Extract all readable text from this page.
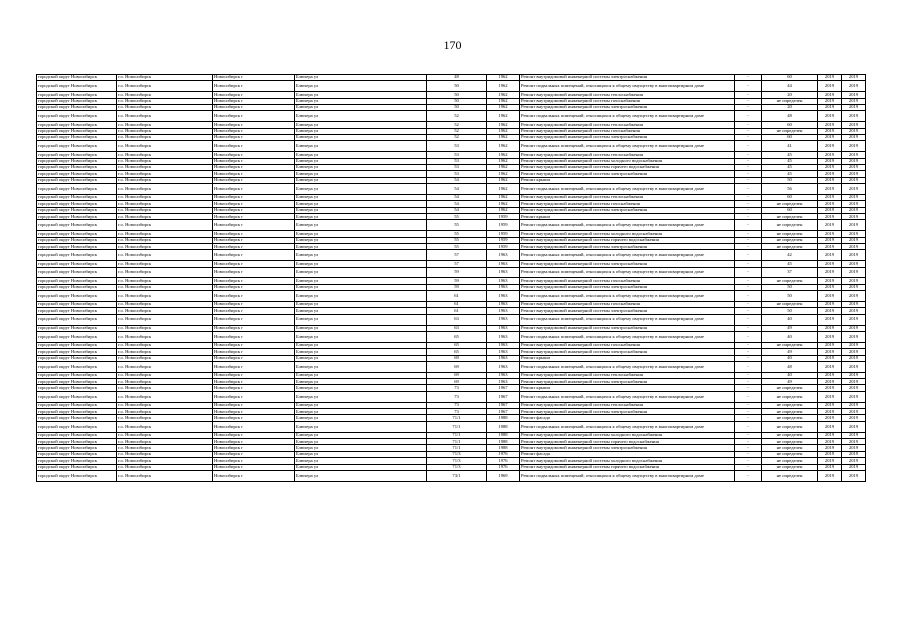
170
городской округ Новосибирск	г.о. Новосибирск	Новосибирск г	Блюхера ул	48	1962	Ремонт внутридомовой инженерной системы электроснабжения	-	60	2019	2019
городской округ Новосибирск	г.о. Новосибирск	Новосибирск г	Блюхера ул	50	1962	Ремонт подвальных помещений, относящихся к общему имуществу в многоквартирном доме	-	44	2019	2019
городской округ Новосибирск	г.о. Новосибирск	Новосибирск г	Блюхера ул	50	1962	Ремонт внутридомовой инженерной системы теплоснабжения	-	20	2019	2019
городской округ Новосибирск	г.о. Новосибирск	Новосибирск г	Блюхера ул	50	1962	Ремонт внутридомовой инженерной системы газоснабжения	-	не определен	2019	2019
городской округ Новосибирск	г.о. Новосибирск	Новосибирск г	Блюхера ул	50	1962	Ремонт внутридомовой инженерной системы электроснабжения	-	20	2019	2019
городской округ Новосибирск	г.о. Новосибирск	Новосибирск г	Блюхера ул	52	1962	Ремонт подвальных помещений, относящихся к общему имуществу в многоквартирном доме	-	48	2019	2019
городской округ Новосибирск	г.о. Новосибирск	Новосибирск г	Блюхера ул	52	1962	Ремонт внутридомовой инженерной системы теплоснабжения	-	60	2019	2019
городской округ Новосибирск	г.о. Новосибирск	Новосибирск г	Блюхера ул	52	1962	Ремонт внутридомовой инженерной системы газоснабжения	-	не определен	2019	2019
городской округ Новосибирск	г.о. Новосибирск	Новосибирск г	Блюхера ул	52	1962	Ремонт внутридомовой инженерной системы электроснабжения	-	60	2019	2019
городской округ Новосибирск	г.о. Новосибирск	Новосибирск г	Блюхера ул	53	1962	Ремонт подвальных помещений, относящихся к общему имуществу в многоквартирном доме	-	41	2019	2019
городской округ Новосибирск	г.о. Новосибирск	Новосибирск г	Блюхера ул	53	1962	Ремонт внутридомовой инженерной системы теплоснабжения	-	45	2019	2019
городской округ Новосибирск	г.о. Новосибирск	Новосибирск г	Блюхера ул	53	1962	Ремонт внутридомовой инженерной системы холодного водоснабжения	-	45	2019	2019
городской округ Новосибирск	г.о. Новосибирск	Новосибирск г	Блюхера ул	53	1962	Ремонт внутридомовой инженерной системы горячего водоснабжения	-	45	2019	2019
городской округ Новосибирск	г.о. Новосибирск	Новосибирск г	Блюхера ул	53	1962	Ремонт внутридомовой инженерной системы электроснабжения	-	45	2019	2019
городской округ Новосибирск	г.о. Новосибирск	Новосибирск г	Блюхера ул	54	1962	Ремонт крыши	-	50	2019	2019
городской округ Новосибирск	г.о. Новосибирск	Новосибирск г	Блюхера ул	54	1962	Ремонт подвальных помещений, относящихся к общему имуществу в многоквартирном доме	-	56	2019	2019
городской округ Новосибирск	г.о. Новосибирск	Новосибирск г	Блюхера ул	54	1962	Ремонт внутридомовой инженерной системы теплоснабжения	-	60	2019	2019
городской округ Новосибирск	г.о. Новосибирск	Новосибирск г	Блюхера ул	54	1962	Ремонт внутридомовой инженерной системы газоснабжения	-	не определен	2019	2019
городской округ Новосибирск	г.о. Новосибирск	Новосибирск г	Блюхера ул	54	1962	Ремонт внутридомовой инженерной системы электроснабжения	-	60	2019	2019
городской округ Новосибирск	г.о. Новосибирск	Новосибирск г	Блюхера ул	55	1959	Ремонт крыши	-	не определен	2019	2019
городской округ Новосибирск	г.о. Новосибирск	Новосибирск г	Блюхера ул	55	1959	Ремонт подвальных помещений, относящихся к общему имуществу в многоквартирном доме	-	не определен	2019	2019
городской округ Новосибирск	г.о. Новосибирск	Новосибирск г	Блюхера ул	55	1959	Ремонт внутридомовой инженерной системы холодного водоснабжения	-	не определен	2019	2019
городской округ Новосибирск	г.о. Новосибирск	Новосибирск г	Блюхера ул	55	1959	Ремонт внутридомовой инженерной системы горячего водоснабжения	-	не определен	2019	2019
городской округ Новосибирск	г.о. Новосибирск	Новосибирск г	Блюхера ул	55	1959	Ремонт внутридомовой инженерной системы электроснабжения	-	не определен	2019	2019
городской округ Новосибирск	г.о. Новосибирск	Новосибирск г	Блюхера ул	57	1963	Ремонт подвальных помещений, относящихся к общему имуществу в многоквартирном доме	-	42	2019	2019
городской округ Новосибирск	г.о. Новосибирск	Новосибирск г	Блюхера ул	57	1963	Ремонт внутридомовой инженерной системы электроснабжения	-	45	2019	2019
городской округ Новосибирск	г.о. Новосибирск	Новосибирск г	Блюхера ул	59	1963	Ремонт подвальных помещений, относящихся к общему имуществу в многоквартирном доме	-	37	2019	2019
городской округ Новосибирск	г.о. Новосибирск	Новосибирск г	Блюхера ул	59	1963	Ремонт внутридомовой инженерной системы газоснабжения	-	не определен	2019	2019
городской округ Новосибирск	г.о. Новосибирск	Новосибирск г	Блюхера ул	59	1963	Ремонт внутридомовой инженерной системы электроснабжения	-	50	2019	2019
городской округ Новосибирск	г.о. Новосибирск	Новосибирск г	Блюхера ул	61	1963	Ремонт подвальных помещений, относящихся к общему имуществу в многоквартирном доме	-	50	2019	2019
городской округ Новосибирск	г.о. Новосибирск	Новосибирск г	Блюхера ул	61	1963	Ремонт внутридомовой инженерной системы газоснабжения	-	не определен	2019	2019
городской округ Новосибирск	г.о. Новосибирск	Новосибирск г	Блюхера ул	61	1963	Ремонт внутридомовой инженерной системы электроснабжения	-	50	2019	2019
городской округ Новосибирск	г.о. Новосибирск	Новосибирск г	Блюхера ул	63	1963	Ремонт подвальных помещений, относящихся к общему имуществу в многоквартирном доме	-	40	2019	2019
городской округ Новосибирск	г.о. Новосибирск	Новосибирск г	Блюхера ул	63	1963	Ремонт внутридомовой инженерной системы электроснабжения	-	49	2019	2019
городской округ Новосибирск	г.о. Новосибирск	Новосибирск г	Блюхера ул	65	1963	Ремонт подвальных помещений, относящихся к общему имуществу в многоквартирном доме	-	40	2019	2019
городской округ Новосибирск	г.о. Новосибирск	Новосибирск г	Блюхера ул	65	1963	Ремонт внутридомовой инженерной системы газоснабжения	-	не определен	2019	2019
городской округ Новосибирск	г.о. Новосибирск	Новосибирск г	Блюхера ул	65	1963	Ремонт внутридомовой инженерной системы электроснабжения	-	49	2019	2019
городской округ Новосибирск	г.о. Новосибирск	Новосибирск г	Блюхера ул	69	1963	Ремонт крыши	-	40	2019	2019
городской округ Новосибирск	г.о. Новосибирск	Новосибирск г	Блюхера ул	69	1963	Ремонт подвальных помещений, относящихся к общему имуществу в многоквартирном доме	-	48	2019	2019
городской округ Новосибирск	г.о. Новосибирск	Новосибирск г	Блюхера ул	69	1963	Ремонт внутридомовой инженерной системы теплоснабжения	-	40	2019	2019
городской округ Новосибирск	г.о. Новосибирск	Новосибирск г	Блюхера ул	69	1963	Ремонт внутридомовой инженерной системы электроснабжения	-	49	2019	2019
городской округ Новосибирск	г.о. Новосибирск	Новосибирск г	Блюхера ул	73	1967	Ремонт крыши	-	не определен	2019	2019
городской округ Новосибирск	г.о. Новосибирск	Новосибирск г	Блюхера ул	73	1967	Ремонт подвальных помещений, относящихся к общему имуществу в многоквартирном доме	-	не определен	2019	2019
городской округ Новосибирск	г.о. Новосибирск	Новосибирск г	Блюхера ул	73	1967	Ремонт внутридомовой инженерной системы теплоснабжения	-	не определен	2019	2019
городской округ Новосибирск	г.о. Новосибирск	Новосибирск г	Блюхера ул	73	1967	Ремонт внутридомовой инженерной системы электроснабжения	-	не определен	2019	2019
городской округ Новосибирск	г.о. Новосибирск	Новосибирск г	Блюхера ул	71/1	1988	Ремонт фасада	-	не определен	2019	2019
городской округ Новосибирск	г.о. Новосибирск	Новосибирск г	Блюхера ул	71/1	1988	Ремонт подвальных помещений, относящихся к общему имуществу в многоквартирном доме	-	не определен	2019	2019
городской округ Новосибирск	г.о. Новосибирск	Новосибирск г	Блюхера ул	71/1	1988	Ремонт внутридомовой инженерной системы холодного водоснабжения	-	не определен	2019	2019
городской округ Новосибирск	г.о. Новосибирск	Новосибирск г	Блюхера ул	71/1	1988	Ремонт внутридомовой инженерной системы горячего водоснабжения	-	не определен	2019	2019
городской округ Новосибирск	г.о. Новосибирск	Новосибирск г	Блюхера ул	71/1	1988	Ремонт внутридомовой инженерной системы электроснабжения	-	не определен	2019	2019
городской округ Новосибирск	г.о. Новосибирск	Новосибирск г	Блюхера ул	71/3	1976	Ремонт фасада	-	не определен	2019	2019
городской округ Новосибирск	г.о. Новосибирск	Новосибирск г	Блюхера ул	71/3	1976	Ремонт внутридомовой инженерной системы холодного водоснабжения	-	не определен	2019	2019
городской округ Новосибирск	г.о. Новосибирск	Новосибирск г	Блюхера ул	71/3	1976	Ремонт внутридомовой инженерной системы горячего водоснабжения	-	не определен	2019	2019
городской округ Новосибирск	г.о. Новосибирск	Новосибирск г	Блюхера ул	73/1	1969	Ремонт подвальных помещений, относящихся к общему имуществу в многоквартирном доме	-	не определен	2019	2019
